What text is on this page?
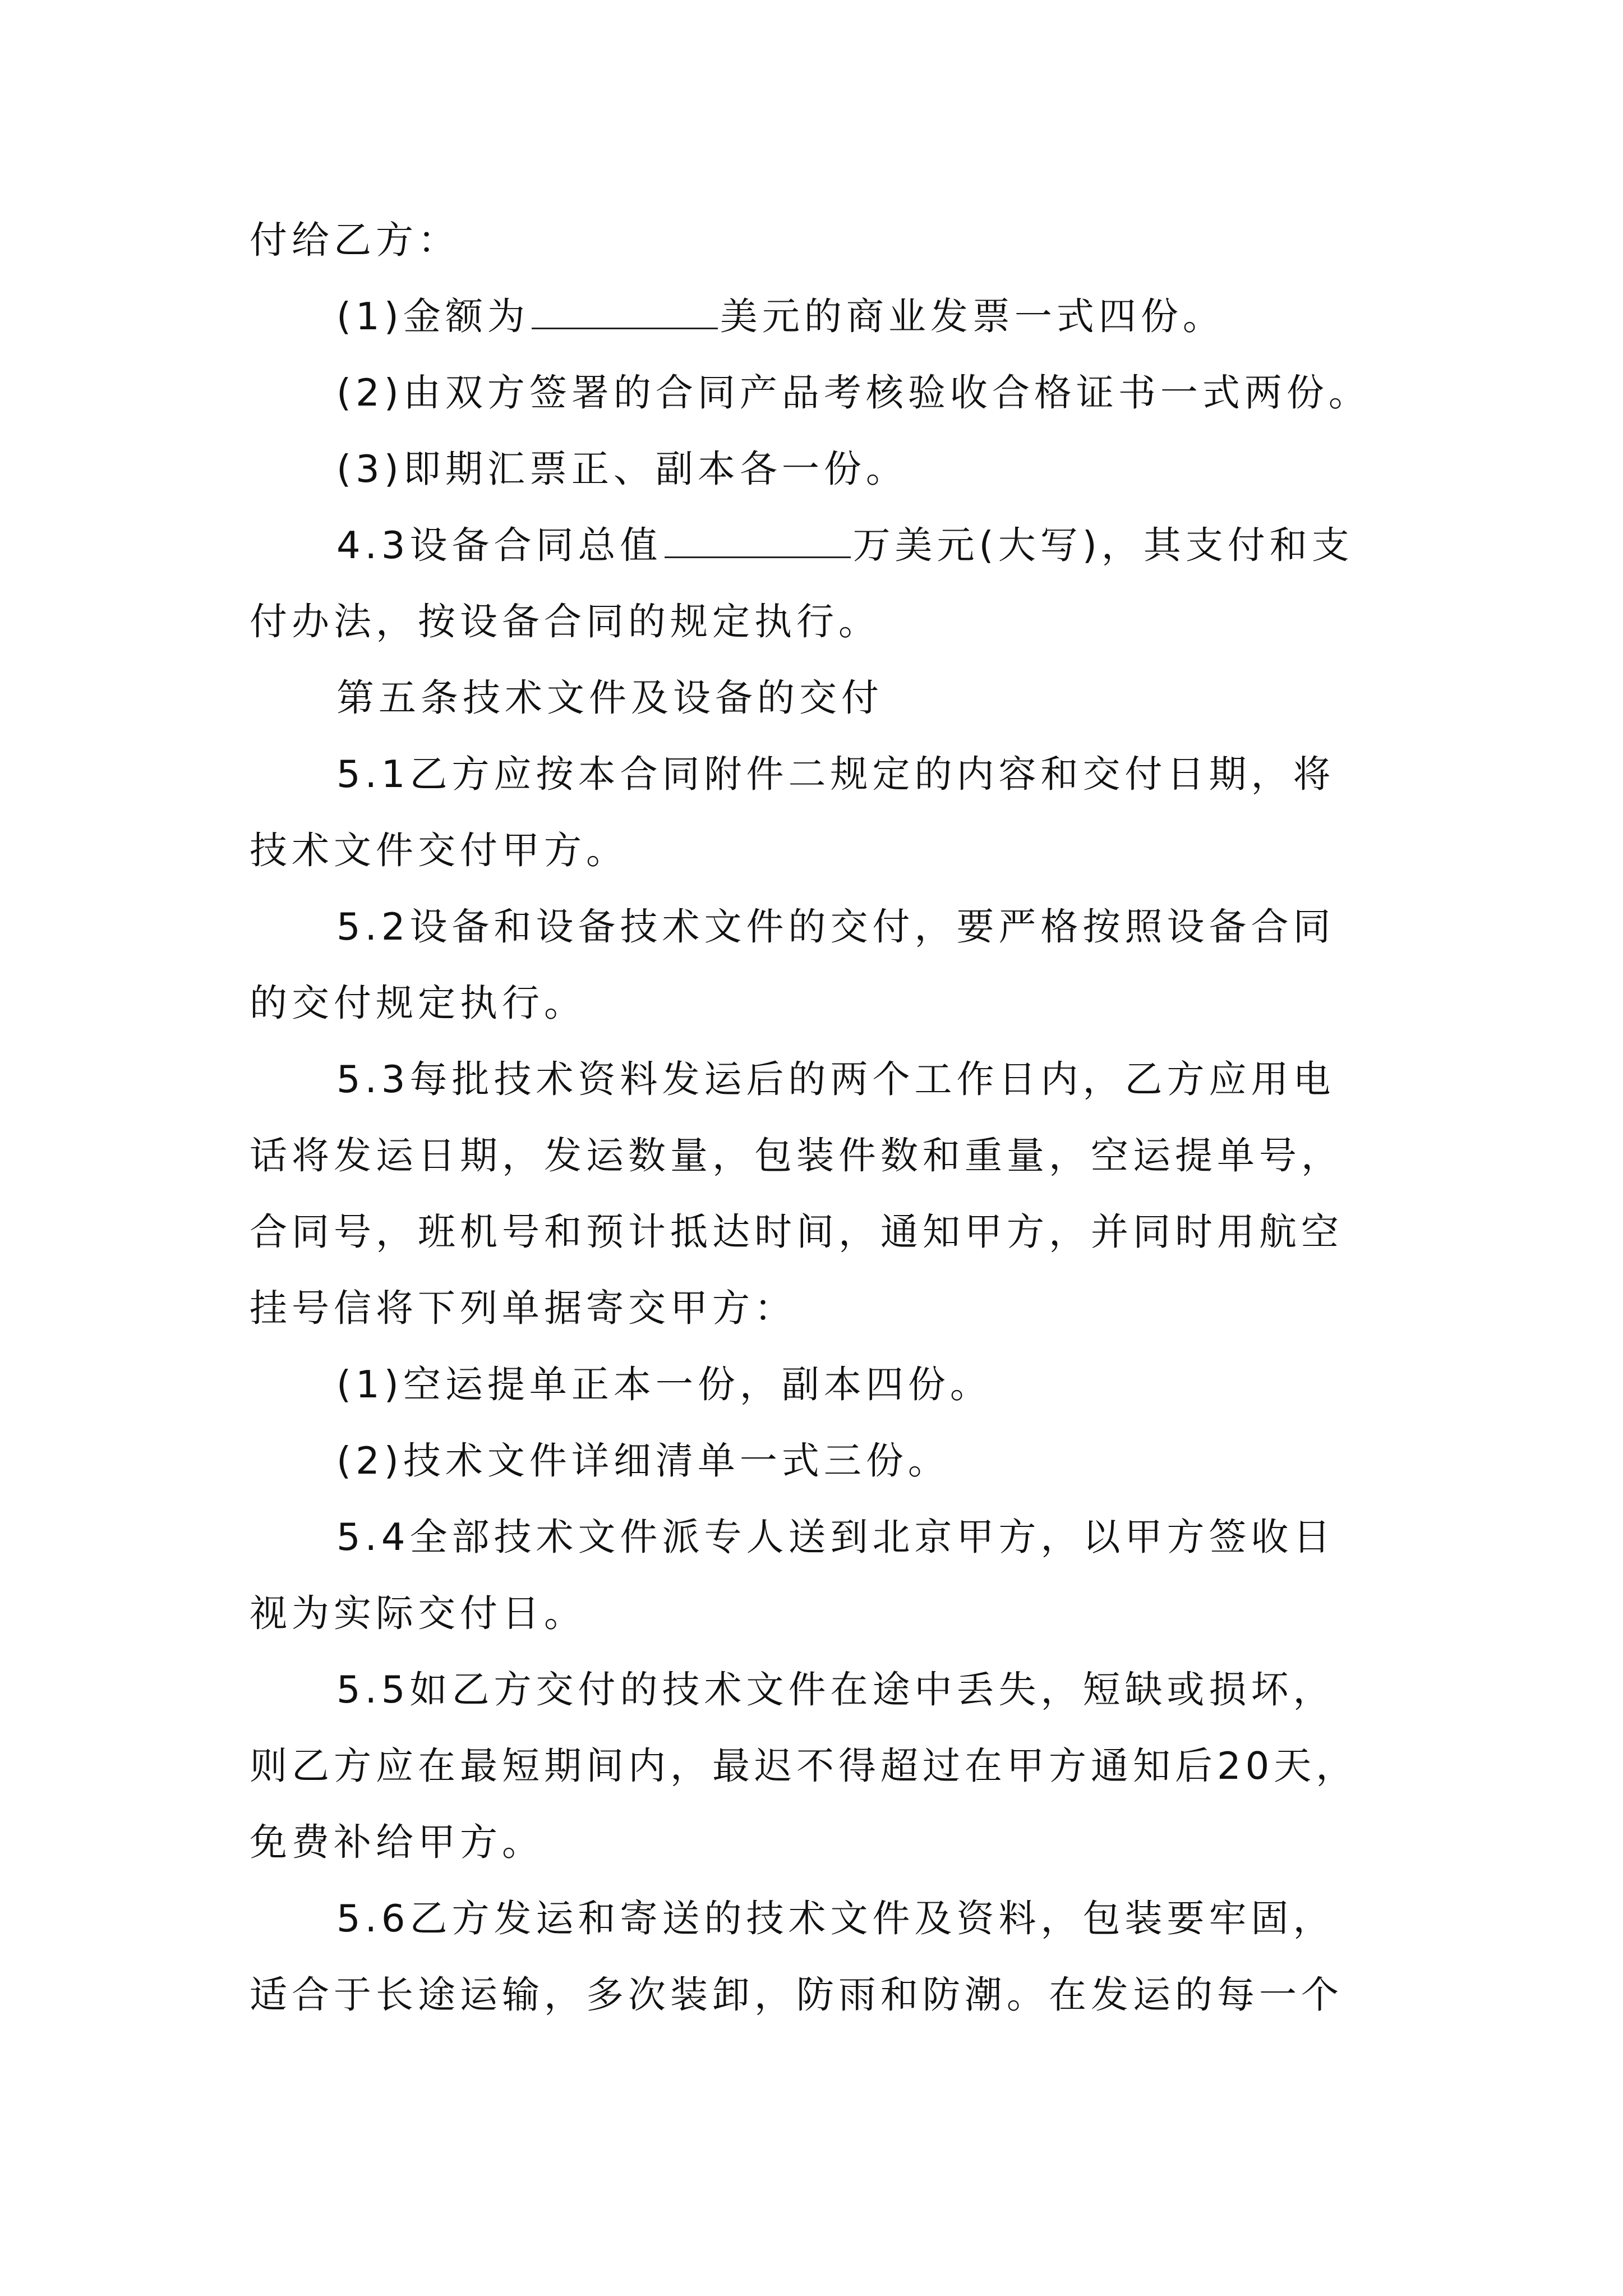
付给乙方：
(1)金额为	美元的商业发票一式四份。
(2)由双方签署的合同产品考核验收合格证书一式两份。
(3)即期汇票正、副本各一份。
4.3设备合同总值	万美元(大写)，其支付和支
付办法，按设备合同的规定执行。
第五条技术文件及设备的交付
5.1乙方应按本合同附件二规定的内容和交付日期，将
技术文件交付甲方。
5.2设备和设备技术文件的交付，要严格按照设备合同
的交付规定执行。
5.3每批技术资料发运后的两个工作日内，乙方应用电
话将发运日期，发运数量，包装件数和重量，空运提单号，
合同号，班机号和预计抵达时间，通知甲方，并同时用航空
挂号信将下列单据寄交甲方：
(1)空运提单正本一份，副本四份。
(2)技术文件详细清单一式三份。
5.4全部技术文件派专人送到北京甲方，以甲方签收日
视为实际交付日。
5.5如乙方交付的技术文件在途中丢失，短缺或损坏，
则乙方应在最短期间内，最迟不得超过在甲方通知后20天，
免费补给甲方。
5.6乙方发运和寄送的技术文件及资料，包装要牢固，
适合于长途运输，多次装卸，防雨和防潮。在发运的每一个
